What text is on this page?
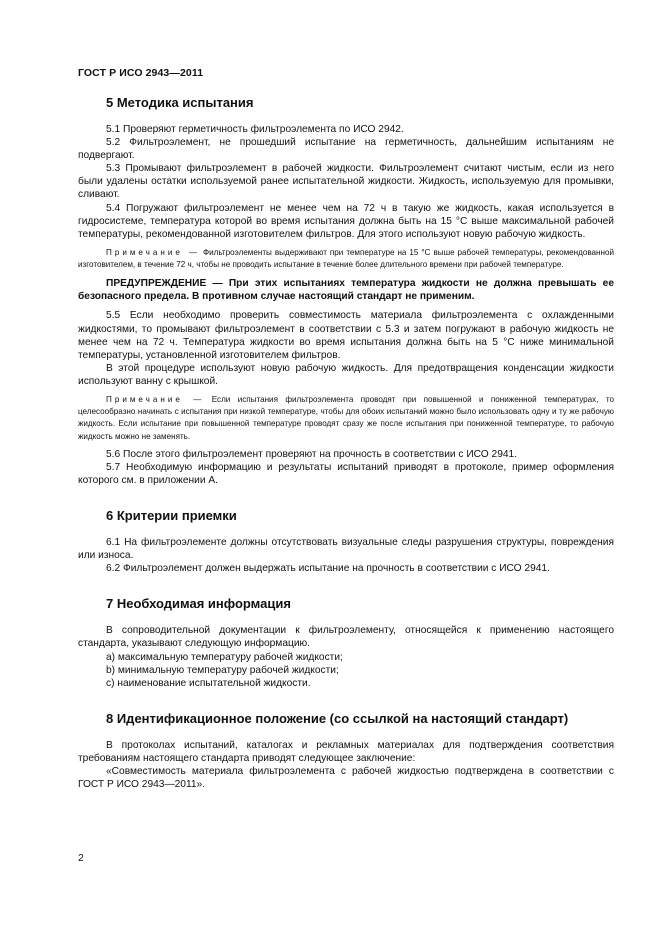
ГОСТ Р ИСО 2943—2011
5 Методика испытания

5.1 Проверяют герметичность фильтроэлемента по ИСО 2942.

5.2 Фильтроэлемент, не прошедший испытание на герметичность, дальнейшим испытаниям не подвергают.

5.3 Промывают фильтроэлемент в рабочей жидкости. Фильтроэлемент считают чистым, если из него были удалены остатки используемой ранее испытательной жидкости. Жидкость, используемую для промывки, сливают.

5.4 Погружают фильтроэлемент не менее чем на 72 ч в такую же жидкость, какая используется в гидросистеме, температура которой во время испытания должна быть на 15 °С выше максимальной рабочей температуры, рекомендованной изготовителем фильтров. Для этого используют новую рабочую жидкость.

Примечание — Фильтроэлементы выдерживают при температуре на 15 °С выше рабочей температуры, рекомендованной изготовителем, в течение 72 ч, чтобы не проводить испытание в течение более длительного времени при рабочей температуре.

ПРЕДУПРЕЖДЕНИЕ — При этих испытаниях температура жидкости не должна превышать ее безопасного предела. В противном случае настоящий стандарт не применим.

5.5 Если необходимо проверить совместимость материала фильтроэлемента с охлажденными жидкостями, то промывают фильтроэлемент в соответствии с 5.3 и затем погружают в рабочую жидкость не менее чем на 72 ч. Температура жидкости во время испытания должна быть на 5 °С ниже минимальной температуры, установленной изготовителем фильтров.

В этой процедуре используют новую рабочую жидкость. Для предотвращения конденсации жидкости используют ванну с крышкой.

Примечание — Если испытания фильтроэлемента проводят при повышенной и пониженной температурах, то целесообразно начинать с испытания при низкой температуре, чтобы для обоих испытаний можно было использовать одну и ту же рабочую жидкость. Если испытание при повышенной температуре проводят сразу же после испытания при пониженной температуре, то рабочую жидкость можно не заменять.

5.6 После этого фильтроэлемент проверяют на прочность в соответствии с ИСО 2941.

5.7 Необходимую информацию и результаты испытаний приводят в протоколе, пример оформления которого см. в приложении А.

6 Критерии приемки

6.1 На фильтроэлементе должны отсутствовать визуальные следы разрушения структуры, повреждения или износа.

6.2 Фильтроэлемент должен выдержать испытание на прочность в соответствии с ИСО 2941.

7 Необходимая информация

В сопроводительной документации к фильтроэлементу, относящейся к применению настоящего стандарта, указывают следующую информацию.

а) максимальную температуру рабочей жидкости;

b) минимальную температуру рабочей жидкости;

с) наименование испытательной жидкости.

8 Идентификационное положение (со ссылкой на настоящий стандарт)

В протоколах испытаний, каталогах и рекламных материалах для подтверждения соответствия требованиям настоящего стандарта приводят следующее заключение:

«Совместимость материала фильтроэлемента с рабочей жидкостью подтверждена в соответствии с ГОСТ Р ИСО 2943—2011».

2
